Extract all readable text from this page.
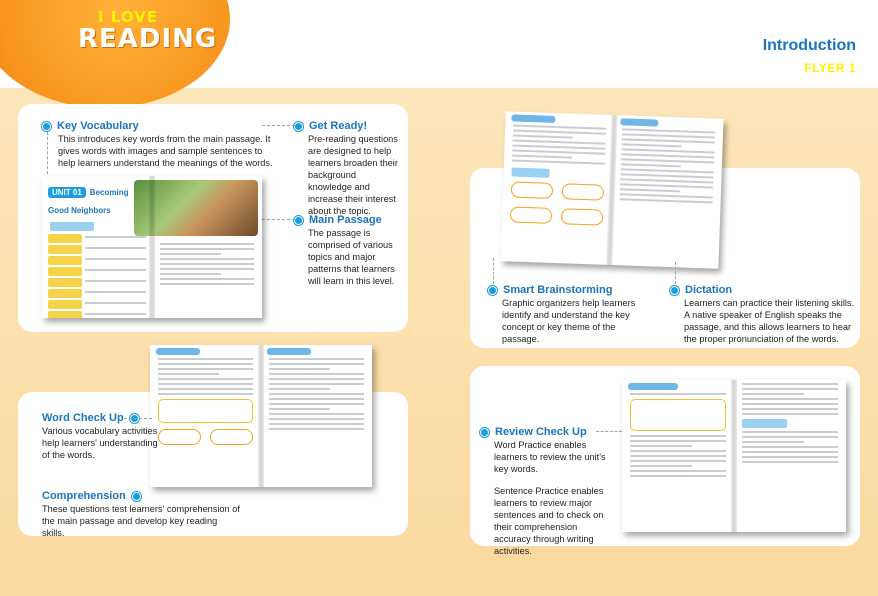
I LOVE
READING	Introduction
FLYER 1
Key Vocabulary

This introduces key words from the main passage. It gives words with images and sample sentences to help learners understand the meanings of the words.

Get Ready!

Pre-reading questions are designed to help learners broaden their background knowledge and increase their interest about the topic.

Main Passage

The passage is comprised of various topics and major patterns that learners will learn in this level.

UNIT 01 Becoming Good Neighbors
Smart Brainstorming

Graphic organizers help learners identify and understand the key concept or key theme of the passage.

Dictation

Learners can practice their listening skills. A native speaker of English speaks the passage, and this allows learners to hear the proper pronunciation of the words.

Word Check Up

Various vocabulary activities help learners' understanding of the words.

Comprehension

These questions test learners' comprehension of the main passage and develop key reading skills.

Review Check Up

Word Practice enables learners to review the unit's key words.

Sentence Practice enables learners to review major sentences and to check on their comprehension accuracy through writing activities.
